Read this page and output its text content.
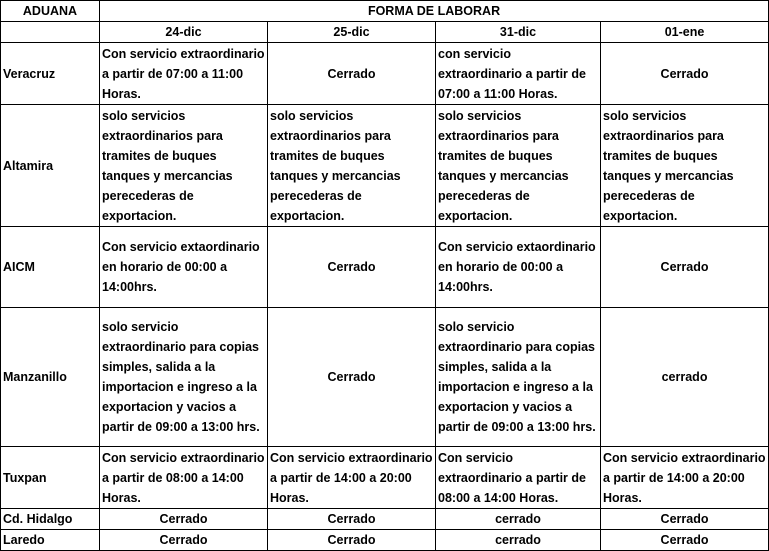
ADUANA	FORMA DE LABORAR			
	24-dic	25-dic	31-dic	01-ene
Veracruz	Con servicio extraordinario a partir de 07:00 a 11:00 Horas.	Cerrado	con servicio extraordinario a partir de 07:00 a 11:00 Horas.	Cerrado
Altamira	solo servicios extraordinarios para tramites de buques tanques y mercancias perecederas de exportacion.	solo servicios extraordinarios para tramites de buques tanques y mercancias perecederas de exportacion.	solo servicios extraordinarios para tramites de buques tanques y mercancias perecederas de exportacion.	solo servicios extraordinarios para tramites de buques tanques y mercancias perecederas de exportacion.
AICM	Con servicio extaordinario en horario de 00:00 a 14:00hrs.	Cerrado	Con servicio extaordinario en horario de 00:00 a 14:00hrs.	Cerrado
Manzanillo	solo servicio extraordinario para copias simples, salida a la importacion e ingreso a la exportacion y vacios a partir de 09:00 a 13:00 hrs.	Cerrado	solo servicio extraordinario para copias simples, salida a la importacion e ingreso a la exportacion y vacios a partir de 09:00 a 13:00 hrs.	cerrado
Tuxpan	Con servicio extraordinario a partir de 08:00 a 14:00 Horas.	Con servicio extraordinario a partir de 14:00 a 20:00 Horas.	Con servicio extraordinario a partir de 08:00 a 14:00 Horas.	Con servicio extraordinario a partir de 14:00 a 20:00 Horas.
Cd. Hidalgo	Cerrado	Cerrado	cerrado	Cerrado
Laredo	Cerrado	Cerrado	cerrado	Cerrado
